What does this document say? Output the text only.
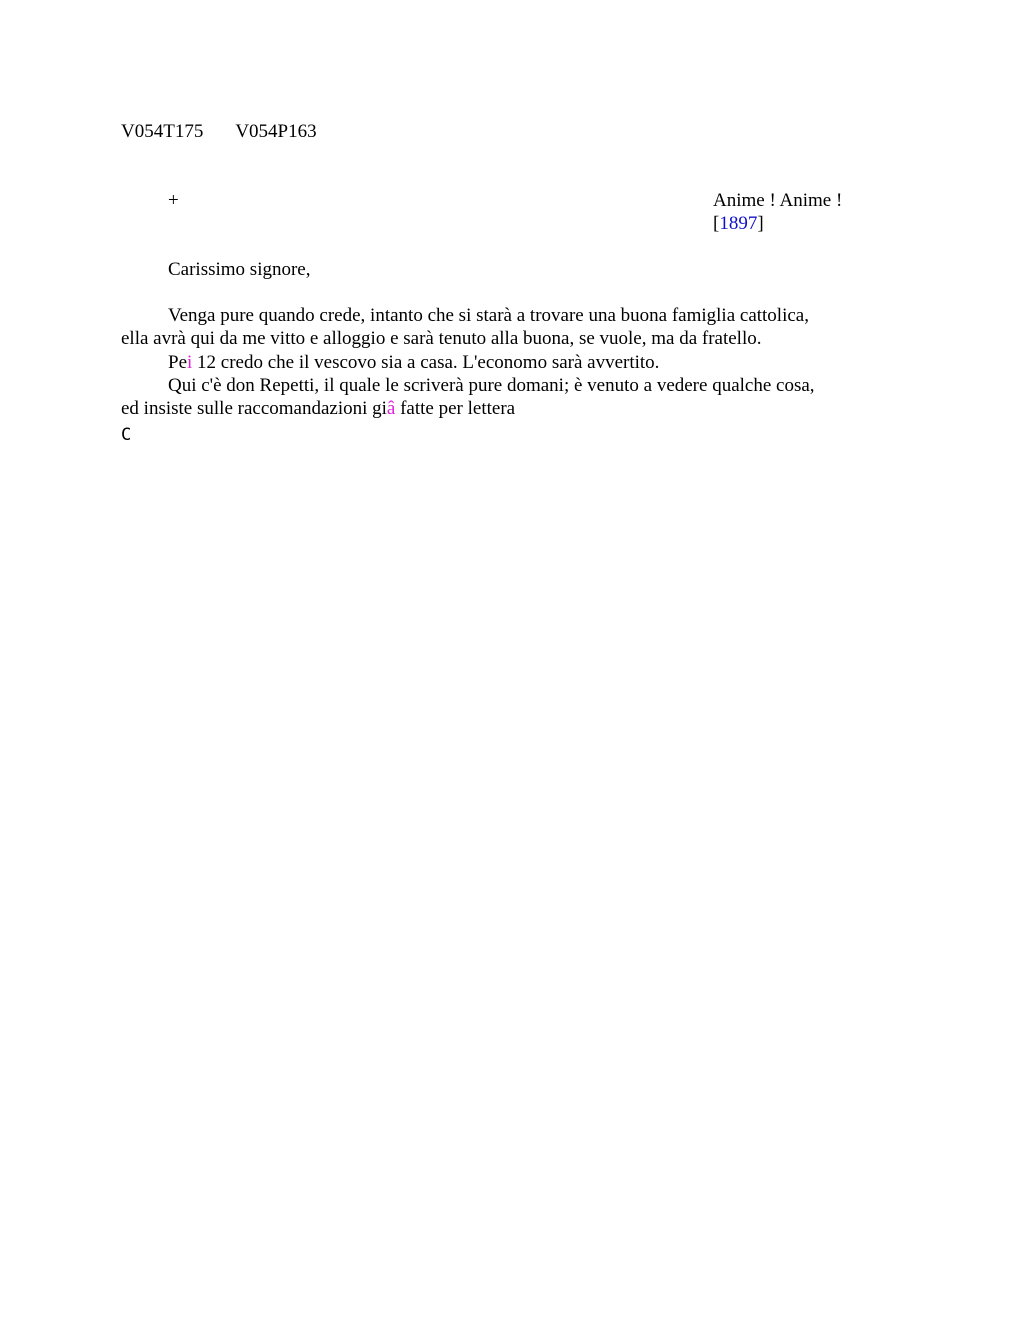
V054T175 V054P163
+	Anime ! Anime !
[1897]
Carissimo signore,

Venga pure quando crede, intanto che si starà a trovare una buona famiglia cattolica,
ella avrà qui da me vitto e alloggio e sarà tenuto alla buona, se vuole, ma da fratello.

Pei 12 credo che il vescovo sia a casa. L'economo sarà avvertito.

Qui c'è don Repetti, il quale le scriverà pure domani; è venuto a vedere qualche cosa,
ed insiste sulle raccomandazioni giâ fatte per lettera

C
